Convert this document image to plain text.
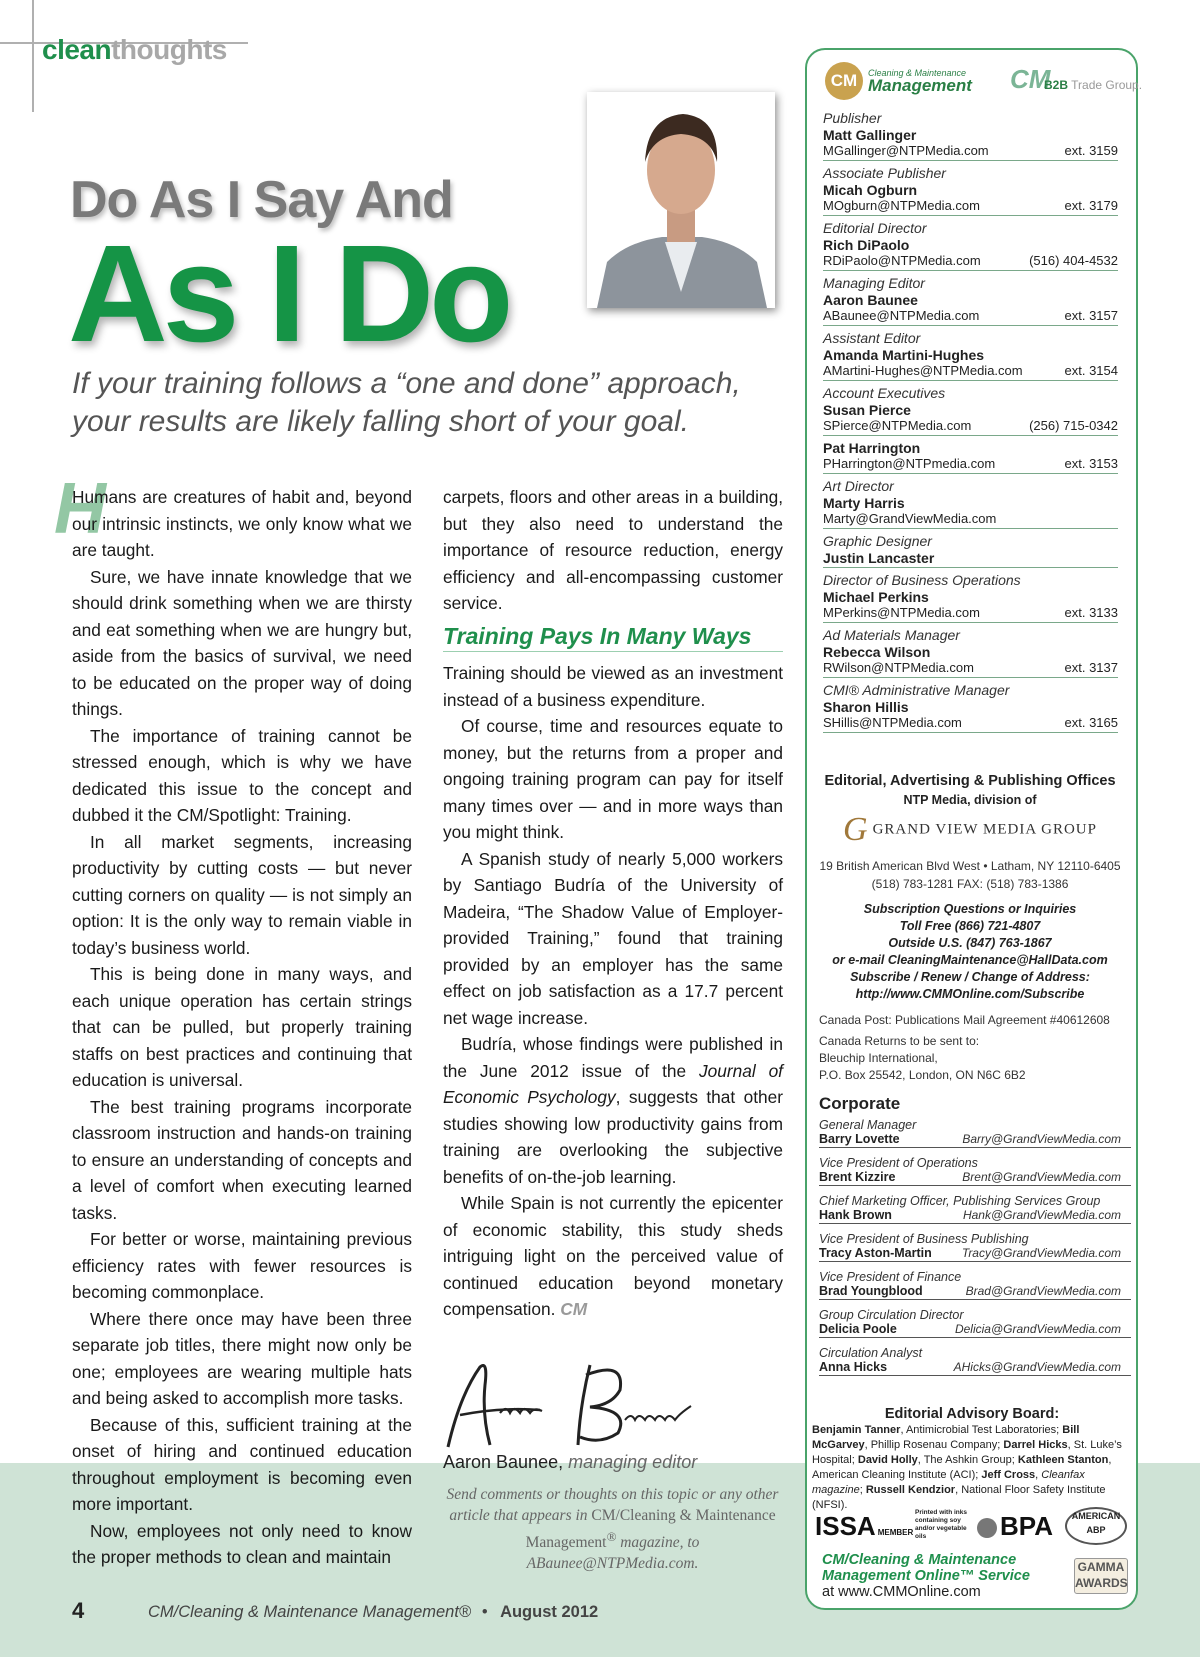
cleanthoughts
Do As I Say And
As I Do
If your training follows a “one and done” approach, your results are likely falling short of your goal.
H

Humans are creatures of habit and, beyond our intrinsic instincts, we only know what we are taught.

Sure, we have innate knowledge that we should drink something when we are thirsty and eat something when we are hungry but, aside from the basics of survival, we need to be educated on the proper way of doing things.

The importance of training cannot be stressed enough, which is why we have dedicated this issue to the concept and dubbed it the CM/Spotlight: Training.

In all market segments, increasing productivity by cutting costs — but never cutting corners on quality — is not simply an option: It is the only way to remain viable in today’s business world.

This is being done in many ways, and each unique operation has certain strings that can be pulled, but properly training staffs on best practices and continuing that education is universal.

The best training programs incorporate classroom instruction and hands-on training to ensure an understanding of concepts and a level of comfort when executing learned tasks.

For better or worse, maintaining previous efficiency rates with fewer resources is becoming commonplace.

Where there once may have been three separate job titles, there might now only be one; employees are wearing multiple hats and being asked to accomplish more tasks.

Because of this, sufficient training at the onset of hiring and continued education throughout employment is becoming even more important.

Now, employees not only need to know the proper methods to clean and maintain

carpets, floors and other areas in a building, but they also need to understand the importance of resource reduction, energy efficiency and all-encompassing customer service.

Training Pays In Many Ways

Training should be viewed as an investment instead of a business expenditure.

Of course, time and resources equate to money, but the returns from a proper and ongoing training program can pay for itself many times over — and in more ways than you might think.

A Spanish study of nearly 5,000 workers by Santiago Budría of the University of Madeira, “The Shadow Value of Employer-provided Training,” found that training provided by an employer has the same effect on job satisfaction as a 17.7 percent net wage increase.

Budría, whose findings were published in the June 2012 issue of the Journal of Economic Psychology, suggests that other studies showing low productivity gains from training are overlooking the subjective benefits of on-the-job learning.

While Spain is not currently the epicenter of economic stability, this study sheds intriguing light on the perceived value of continued education beyond monetary compensation. CM

Aaron Baunee, managing editor
Send comments or thoughts on this topic or any other article that appears in CM/Cleaning & Maintenance Management® magazine, to ABaunee@NTPMedia.com.
4	CM/Cleaning & Maintenance Management® • August 2012
CM	Cleaning & Maintenance
Management CM
B2B Trade Group.
Publisher
Matt Gallinger
MGallinger@NTPMedia.com	ext. 3159
Associate Publisher
Micah Ogburn
MOgburn@NTPMedia.com	ext. 3179
Editorial Director
Rich DiPaolo
RDiPaolo@NTPMedia.com	(516) 404-4532
Managing Editor
Aaron Baunee
ABaunee@NTPMedia.com	ext. 3157
Assistant Editor
Amanda Martini-Hughes
AMartini-Hughes@NTPMedia.com	ext. 3154
Account Executives
Susan Pierce
SPierce@NTPMedia.com	(256) 715-0342
Pat Harrington
PHarrington@NTPmedia.com	ext. 3153
Art Director
Marty Harris
Marty@GrandViewMedia.com
Graphic Designer
Justin Lancaster
Director of Business Operations
Michael Perkins
MPerkins@NTPMedia.com	ext. 3133
Ad Materials Manager
Rebecca Wilson
RWilson@NTPMedia.com	ext. 3137
CMI® Administrative Manager
Sharon Hillis
SHillis@NTPMedia.com	ext. 3165
Editorial, Advertising & Publishing Offices
NTP Media, division of
GGRAND VIEW MEDIA GROUP
19 British American Blvd West • Latham, NY 12110-6405
(518) 783-1281 FAX: (518) 783-1386
Subscription Questions or Inquiries
Toll Free (866) 721-4807
Outside U.S. (847) 763-1867
or e-mail CleaningMaintenance@HallData.com
Subscribe / Renew / Change of Address:
http://www.CMMOnline.com/Subscribe
Canada Post: Publications Mail Agreement #40612608
Canada Returns to be sent to:
Bleuchip International,
P.O. Box 25542, London, ON N6C 6B2
Corporate
General Manager
Barry Lovette	Barry@GrandViewMedia.com
Vice President of Operations
Brent Kizzire	Brent@GrandViewMedia.com
Chief Marketing Officer, Publishing Services Group
Hank Brown	Hank@GrandViewMedia.com
Vice President of Business Publishing
Tracy Aston-Martin	Tracy@GrandViewMedia.com
Vice President of Finance
Brad Youngblood	Brad@GrandViewMedia.com
Group Circulation Director
Delicia Poole	Delicia@GrandViewMedia.com
Circulation Analyst
Anna Hicks	AHicks@GrandViewMedia.com
Editorial Advisory Board:
Benjamin Tanner, Antimicrobial Test Laboratories; Bill McGarvey, Phillip Rosenau Company; Darrel Hicks, St. Luke’s Hospital; David Holly, The Ashkin Group; Kathleen Stanton, American Cleaning Institute (ACI); Jeff Cross, Cleanfax magazine; Russell Kendzior, National Floor Safety Institute (NFSI).
ISSA MEMBER
Printed with inks containing soy and/or vegetable oils	BPA	AMERICAN ABP
CM/Cleaning & Maintenance
Management Online™ Service
at www.CMMOnline.com
GAMMA AWARDS
